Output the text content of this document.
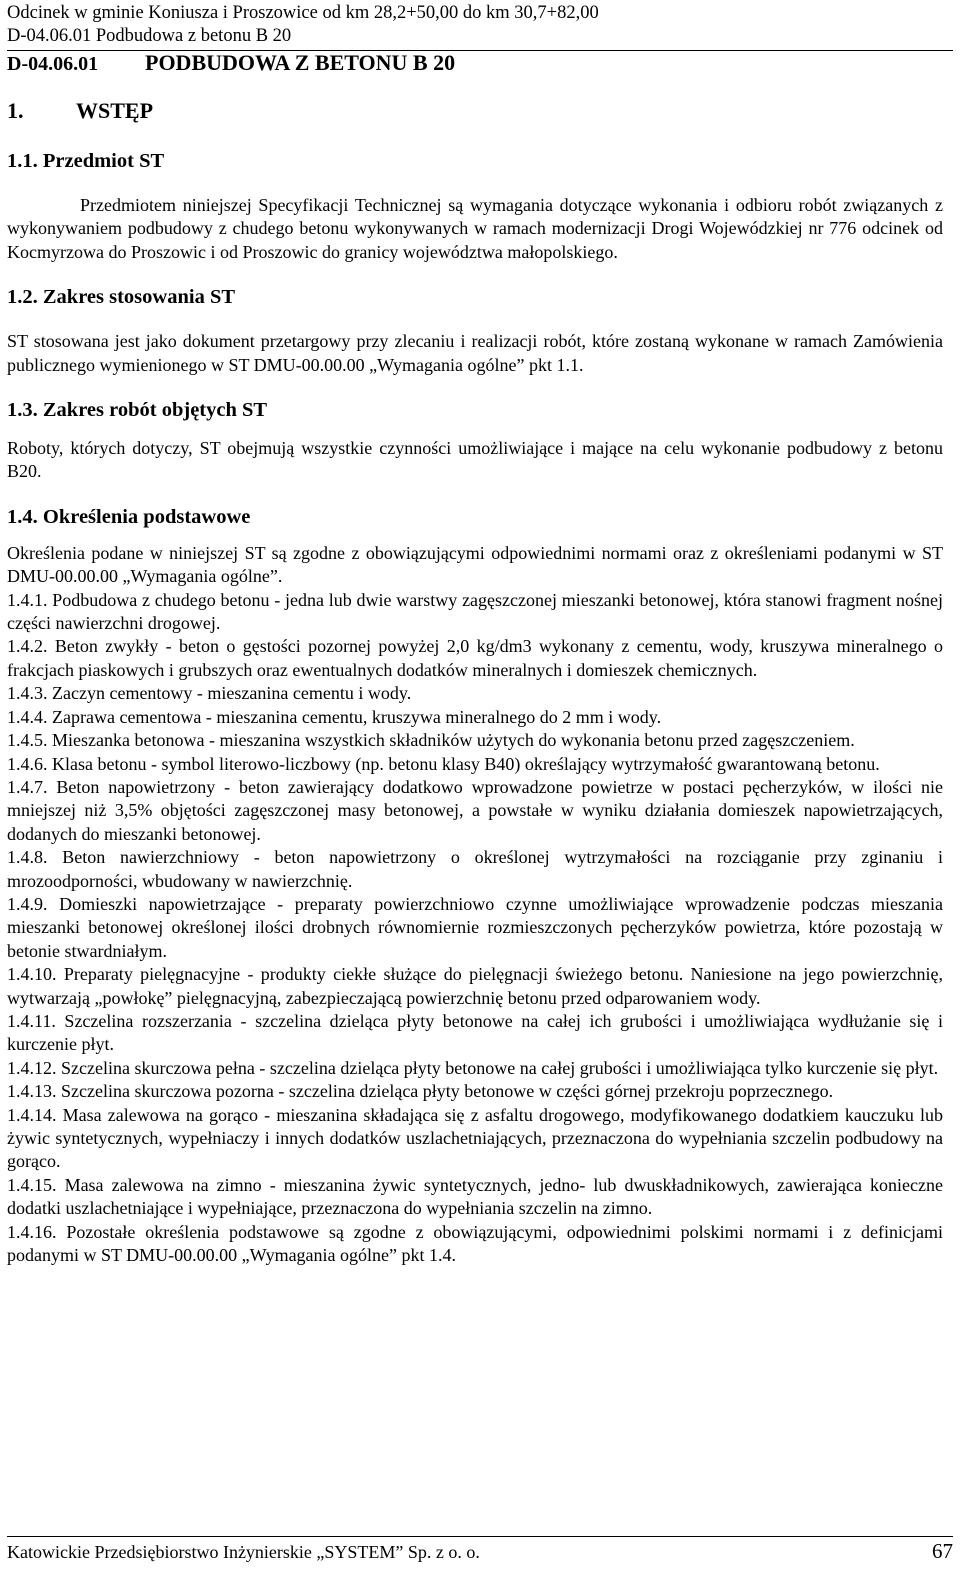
Odcinek w gminie Koniusza i Proszowice od km 28,2+50,00 do km 30,7+82,00
D-04.06.01 Podbudowa z betonu B 20
D-04.06.01 PODBUDOWA Z BETONU B 20
1. WSTĘP
1.1. Przedmiot ST

Przedmiotem niniejszej Specyfikacji Technicznej są wymagania dotyczące wykonania i odbioru robót związanych z wykonywaniem podbudowy z chudego betonu wykonywanych w ramach modernizacji Drogi Wojewódzkiej nr 776 odcinek od Kocmyrzowa do Proszowic i od Proszowic do granicy województwa małopolskiego.

1.2. Zakres stosowania ST

ST stosowana jest jako dokument przetargowy przy zlecaniu i realizacji robót, które zostaną wykonane w ramach Zamówienia publicznego wymienionego w ST DMU-00.00.00 „Wymagania ogólne” pkt 1.1.

1.3. Zakres robót objętych ST

Roboty, których dotyczy, ST obejmują wszystkie czynności umożliwiające i mające na celu wykonanie podbudowy z betonu B20.

1.4. Określenia podstawowe

Określenia podane w niniejszej ST są zgodne z obowiązującymi odpowiednimi normami oraz z określeniami podanymi w ST DMU-00.00.00 „Wymagania ogólne”.

1.4.1. Podbudowa z chudego betonu - jedna lub dwie warstwy zagęszczonej mieszanki betonowej, która stanowi fragment nośnej części nawierzchni drogowej.

1.4.2. Beton zwykły - beton o gęstości pozornej powyżej 2,0 kg/dm3 wykonany z cementu, wody, kruszywa mineralnego o frakcjach piaskowych i grubszych oraz ewentualnych dodatków mineralnych i domieszek chemicznych.

1.4.3. Zaczyn cementowy - mieszanina cementu i wody.

1.4.4. Zaprawa cementowa - mieszanina cementu, kruszywa mineralnego do 2 mm i wody.

1.4.5. Mieszanka betonowa - mieszanina wszystkich składników użytych do wykonania betonu przed zagęszczeniem.

1.4.6. Klasa betonu - symbol literowo-liczbowy (np. betonu klasy B40) określający wytrzymałość gwarantowaną betonu.

1.4.7. Beton napowietrzony - beton zawierający dodatkowo wprowadzone powietrze w postaci pęcherzyków, w ilości nie mniejszej niż 3,5% objętości zagęszczonej masy betonowej, a powstałe w wyniku działania domieszek napowietrzających, dodanych do mieszanki betonowej.

1.4.8. Beton nawierzchniowy - beton napowietrzony o określonej wytrzymałości na rozciąganie przy zginaniu i mrozoodporności, wbudowany w nawierzchnię.

1.4.9. Domieszki napowietrzające - preparaty powierzchniowo czynne umożliwiające wprowadzenie podczas mieszania mieszanki betonowej określonej ilości drobnych równomiernie rozmieszczonych pęcherzyków powietrza, które pozostają w betonie stwardniałym.

1.4.10. Preparaty pielęgnacyjne - produkty ciekłe służące do pielęgnacji świeżego betonu. Naniesione na jego powierzchnię, wytwarzają „powłokę” pielęgnacyjną, zabezpieczającą powierzchnię betonu przed odparowaniem wody.

1.4.11. Szczelina rozszerzania - szczelina dzieląca płyty betonowe na całej ich grubości i umożliwiająca wydłużanie się i kurczenie płyt.

1.4.12. Szczelina skurczowa pełna - szczelina dzieląca płyty betonowe na całej grubości i umożliwiająca tylko kurczenie się płyt.

1.4.13. Szczelina skurczowa pozorna - szczelina dzieląca płyty betonowe w części górnej przekroju poprzecznego.

1.4.14. Masa zalewowa na gorąco - mieszanina składająca się z asfaltu drogowego, modyfikowanego dodatkiem kauczuku lub żywic syntetycznych, wypełniaczy i innych dodatków uszlachetniających, przeznaczona do wypełniania szczelin podbudowy na gorąco.

1.4.15. Masa zalewowa na zimno - mieszanina żywic syntetycznych, jedno- lub dwuskładnikowych, zawierająca konieczne dodatki uszlachetniające i wypełniające, przeznaczona do wypełniania szczelin na zimno.

1.4.16. Pozostałe określenia podstawowe są zgodne z obowiązującymi, odpowiednimi polskimi normami i z definicjami podanymi w ST DMU-00.00.00 „Wymagania ogólne” pkt 1.4.

Katowickie Przedsiębiorstwo Inżynierskie „SYSTEM” Sp. z o. o.	67
